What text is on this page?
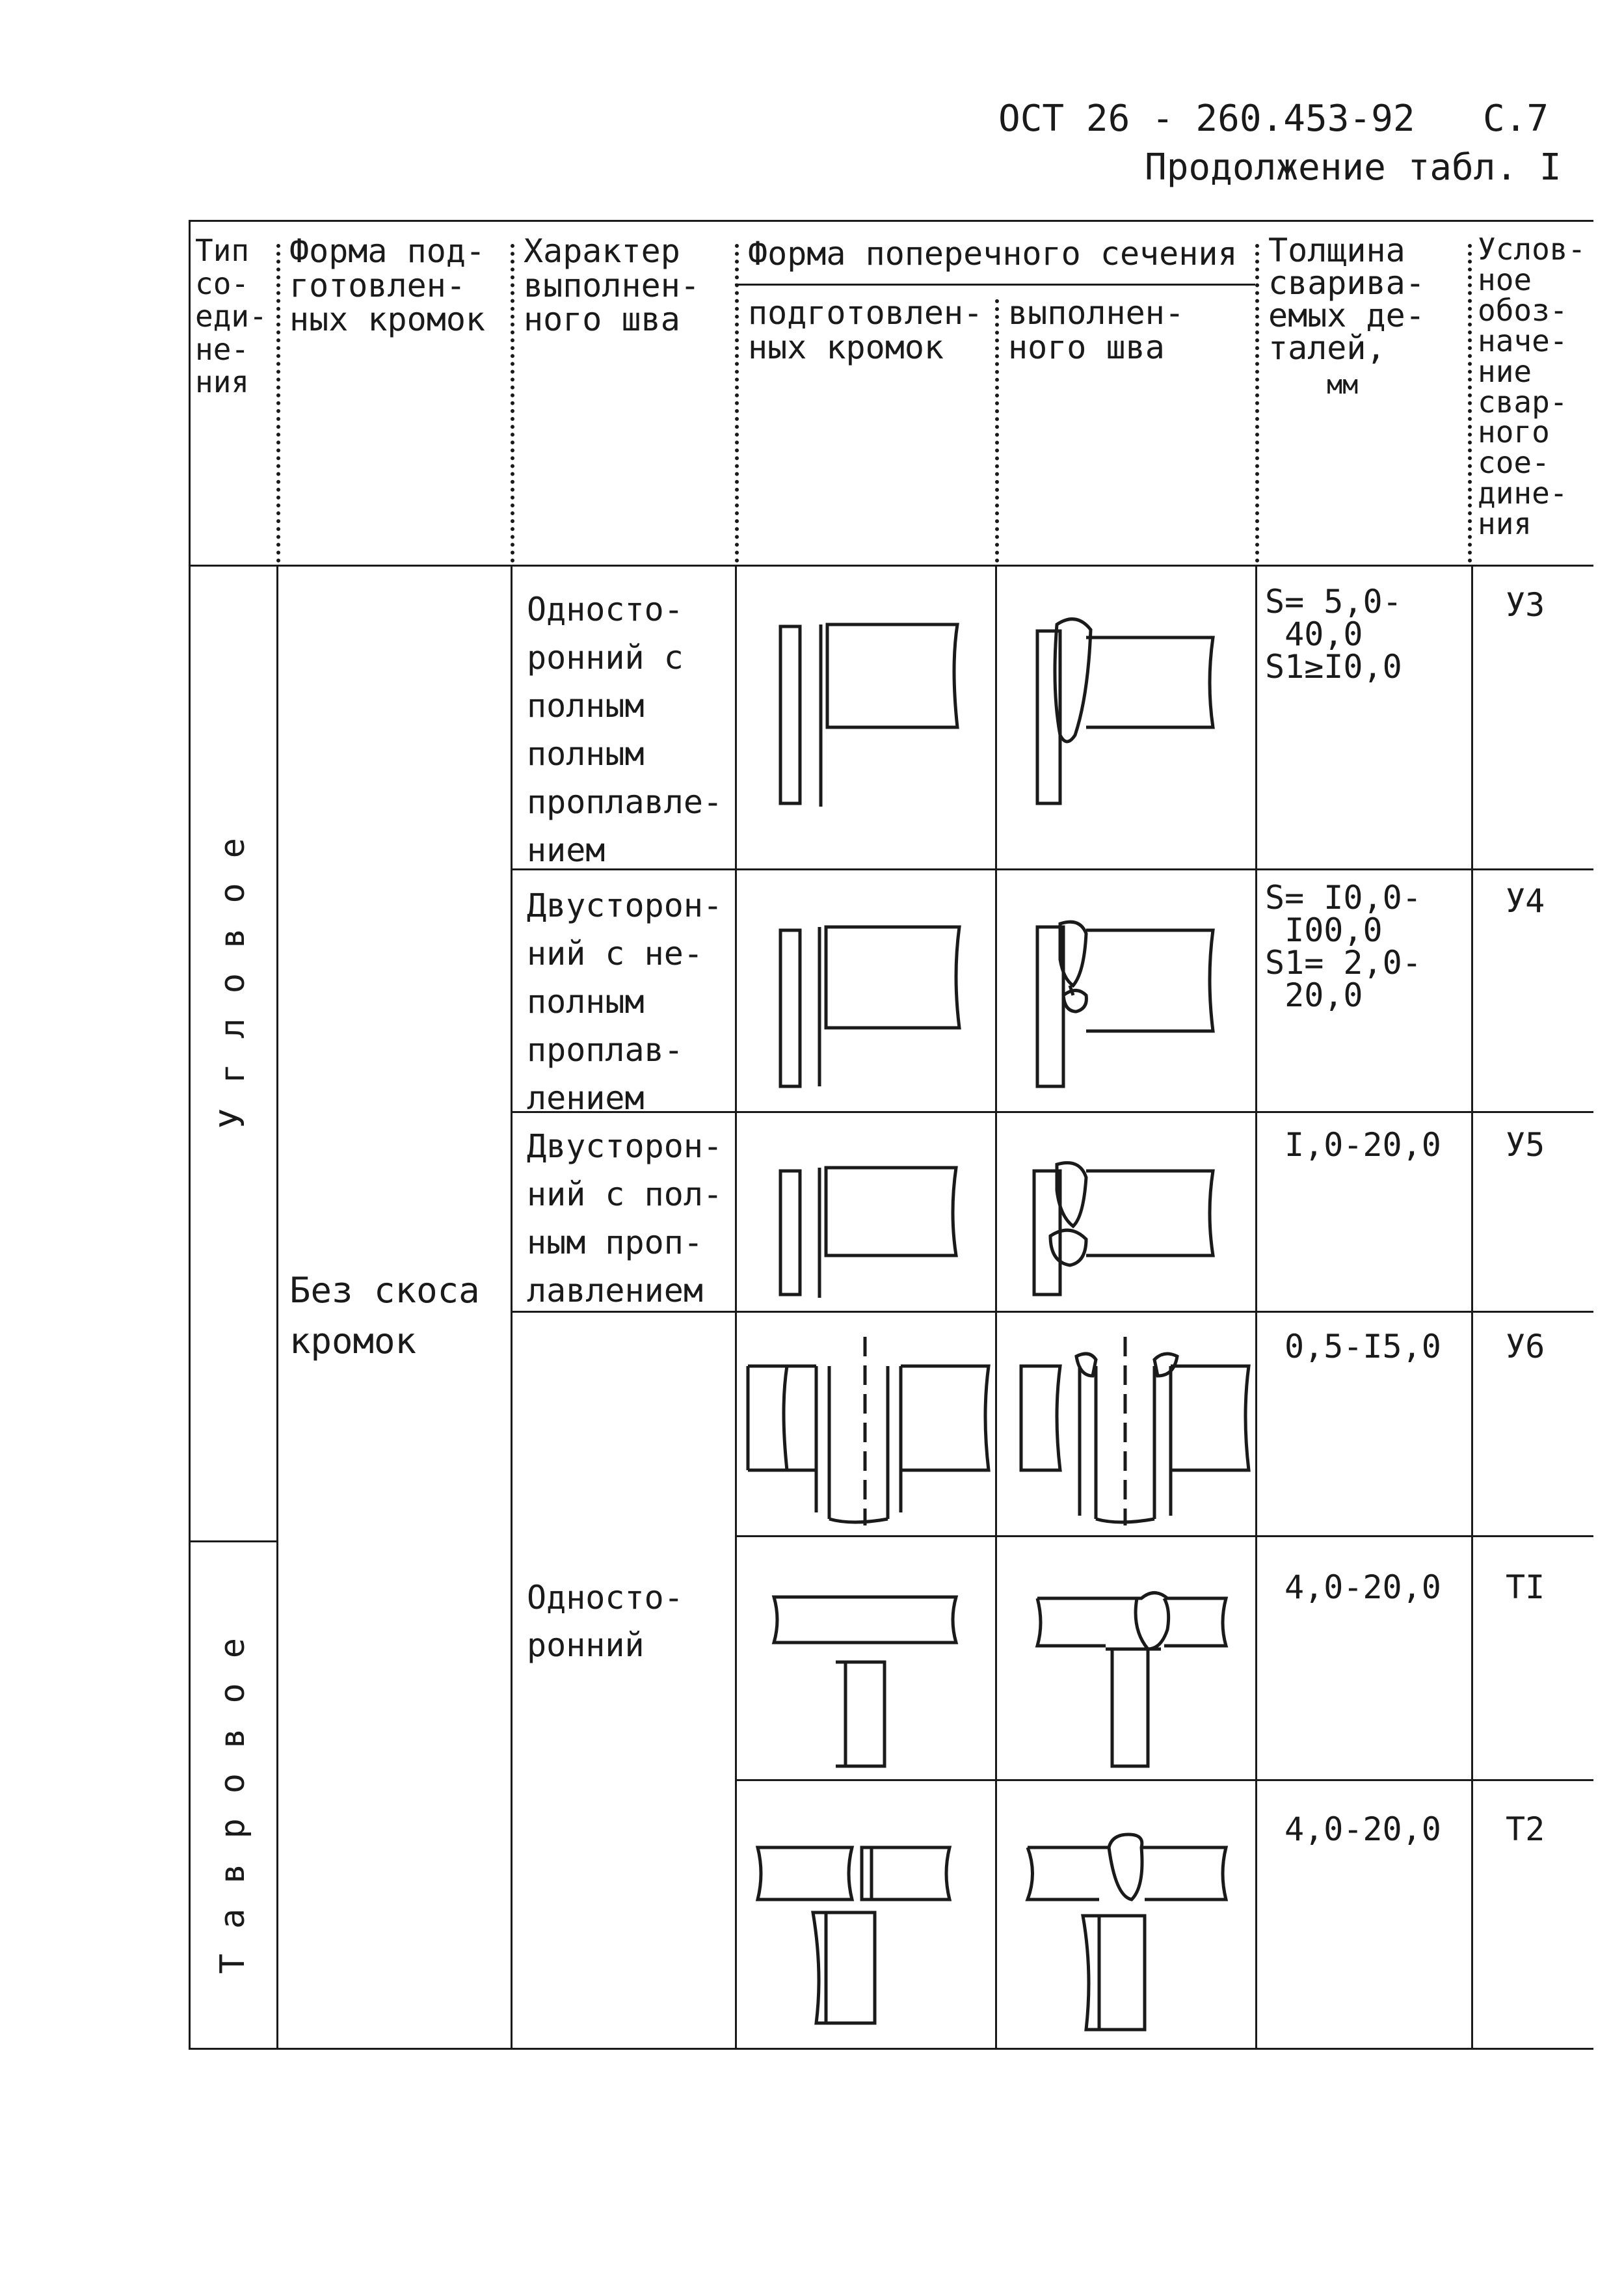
ОСТ 26 - 260.453-92 С.7
Продолжение табл. I
Тип
со-
еди-
не-
ния
Форма под-
готовлен-
ных кромок
Характер
выполнен-
ного шва
Форма поперечного сечения
подготовлен-
ных кромок
выполнен-
ного шва
Толщина
сварива-
емых де-
талей,
мм
Услов-
ное
обоз-
наче-
ние
свар-
ного
сое-
дине-
ния
Угловое
Тавровое
Без скоса
кромок
Односто-
ронний с
полным
полным
проплавле-
нием
S= 5,0-
40,0
S1≥I0,0
У3
Двусторон-
ний с не-
полным
проплав-
лением
S= I0,0-
I00,0
S1= 2,0-
20,0
У4
Двусторон-
ний с пол-
ным проп-
лавлением
I,0-20,0 У5
0,5-I5,0 У6
Односто-
ронний
4,0-20,0 TI
4,0-20,0 T2
